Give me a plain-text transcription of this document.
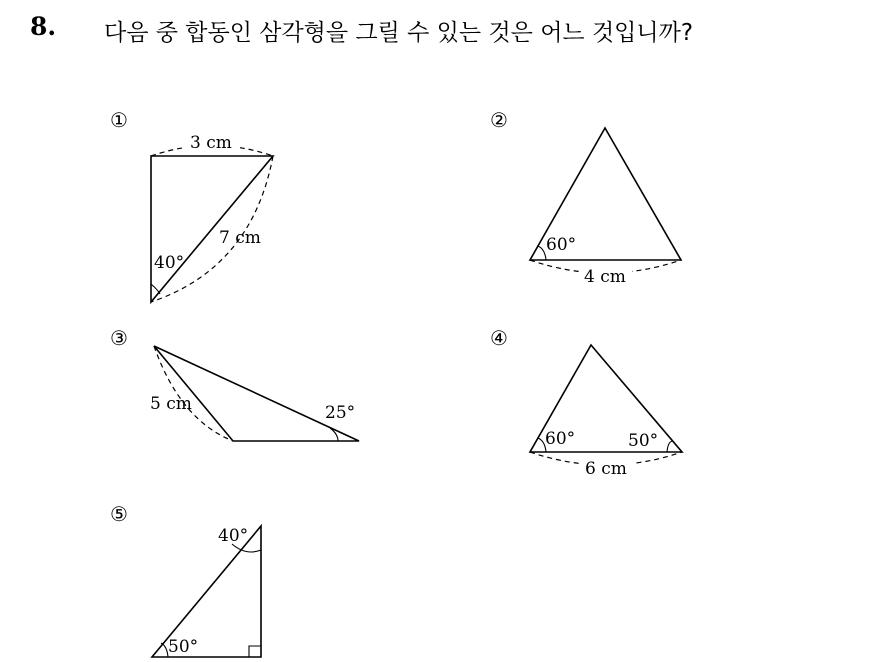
8. 다음 중 합동인 삼각형을 그릴 수 있는 것은 어느 것입니까?
①	②
③	④
⑤
3 cm
7 cm
40°
60°
4 cm
5 cm	25°
60°	50°
6 cm
40°
50°
